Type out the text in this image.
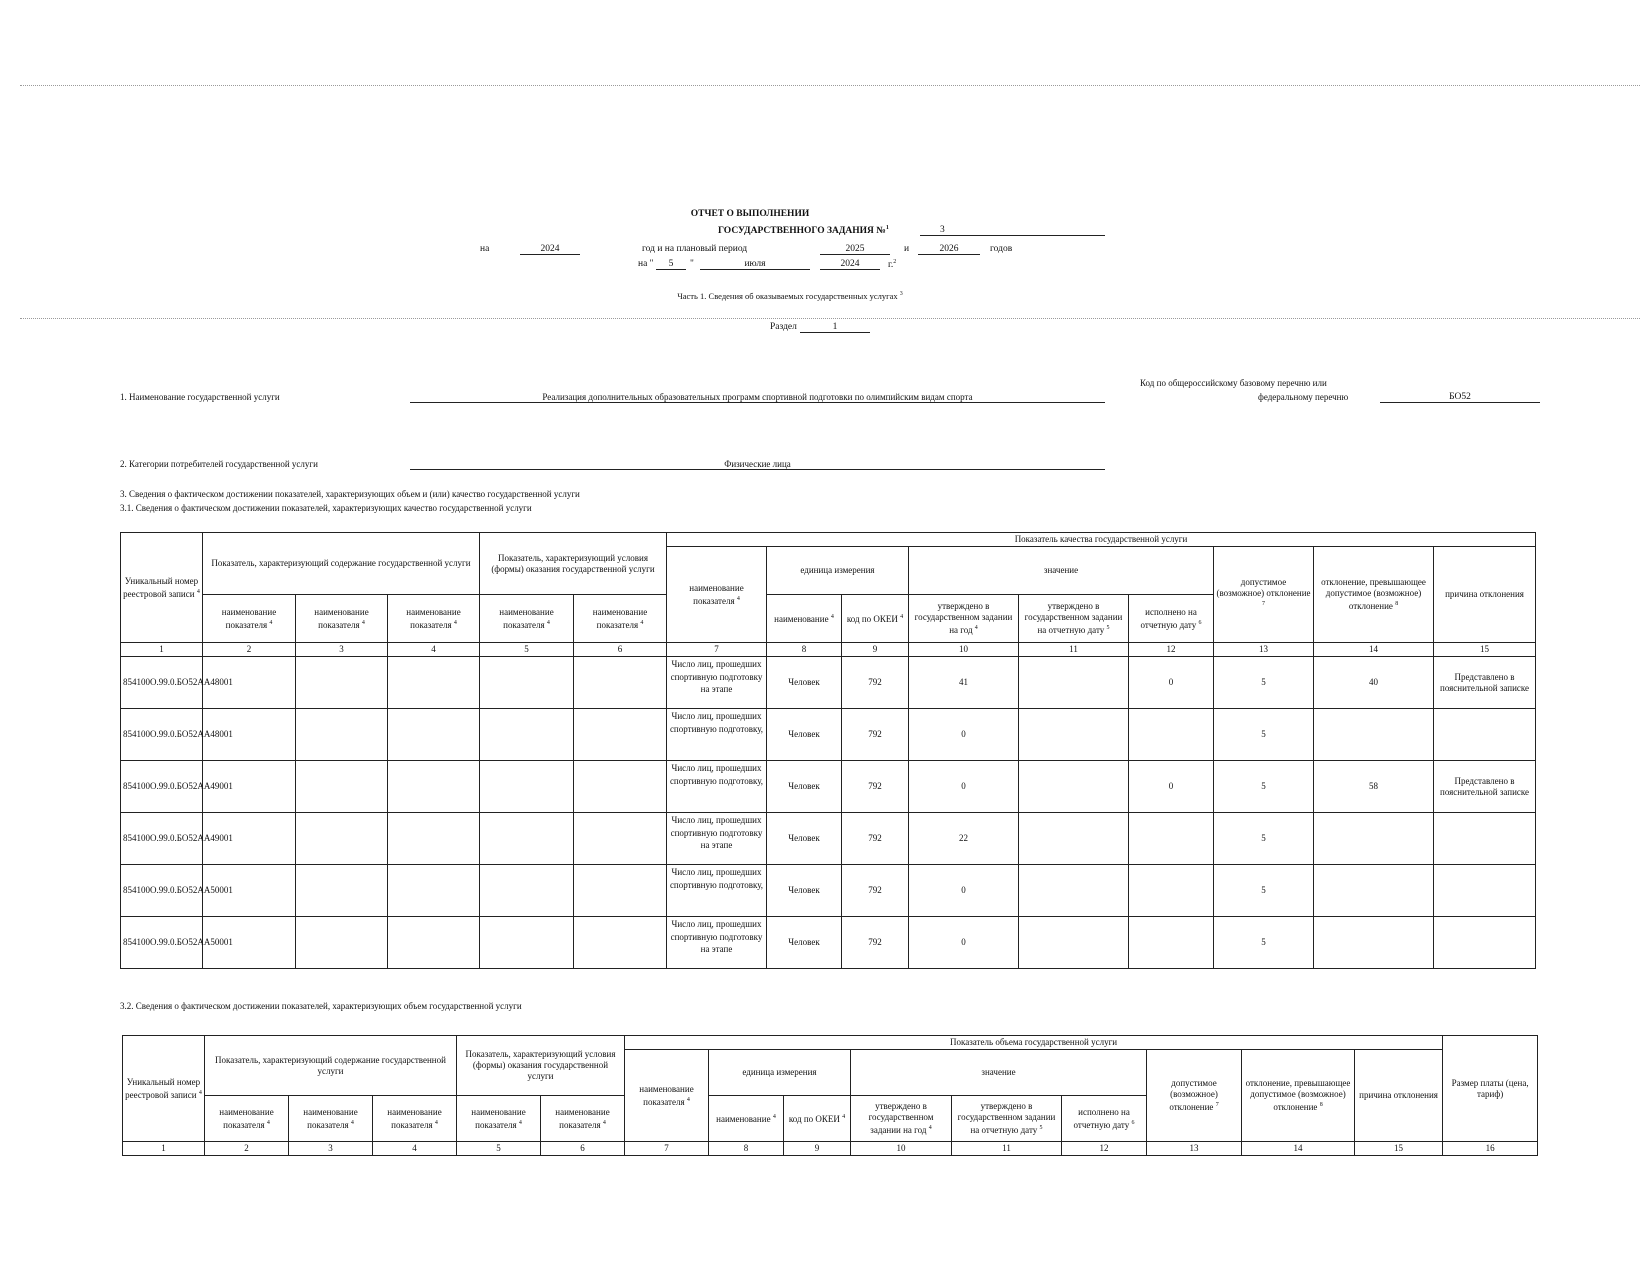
ОТЧЕТ О ВЫПОЛНЕНИИ
ГОСУДАРСТВЕННОГО ЗАДАНИЯ №$^1$	3
на	2024	год и на плановый период	2025	и	2026	годов
на "	5	"	июля	2024	г.$^2$
Часть 1. Сведения об оказываемых государственных услугах $^3$
Раздел	1
1. Наименование государственной услуги	Реализация дополнительных образовательных программ спортивной подготовки по олимпийским видам спорта
Код по общероссийскому базовому перечню или
федеральному перечню	БО52
2. Категории потребителей государственной услуги	Физические лица
3. Сведения о фактическом достижении показателей, характеризующих объем и (или) качество государственной услуги
3.1. Сведения о фактическом достижении показателей, характеризующих качество государственной услуги
Уникальный номер реестровой записи $^4$	Показатель, характеризующий содержание государственной услуги			Показатель, характеризующий условия (формы) оказания государственной услуги		Показатель качества государственной услуги								
						наименование показателя $^4$	единица измерения		значение			допустимое (возможное) отклонение $^7$	отклонение, превышающее допустимое (возможное) отклонение $^8$	причина отклонения
	наименование показателя $^4$	наименование показателя $^4$	наименование показателя $^4$	наименование показателя $^4$	наименование показателя $^4$		наименование $^4$	код по ОКЕИ $^4$	утверждено в государственном задании на год $^4$	утверждено в государственном задании на отчетную дату $^5$	исполнено на отчетную дату $^6$
1	2	3	4	5	6	7	8	9	10	11	12	13	14	15
854100О.99.0.БО52АА48001						Число лиц, прошедших спортивную подготовку на этапе	Человек	792	41		0	5	40	Представлено в пояснительной записке
854100О.99.0.БО52АА48001						Число лиц, прошедших спортивную подготовку,	Человек	792	0			5		
854100О.99.0.БО52АА49001						Число лиц, прошедших спортивную подготовку,	Человек	792	0		0	5	58	Представлено в пояснительной записке
854100О.99.0.БО52АА49001						Число лиц, прошедших спортивную подготовку на этапе	Человек	792	22			5		
854100О.99.0.БО52АА50001						Число лиц, прошедших спортивную подготовку,	Человек	792	0			5		
854100О.99.0.БО52АА50001						Число лиц, прошедших спортивную подготовку на этапе	Человек	792	0			5		
3.2. Сведения о фактическом достижении показателей, характеризующих объем государственной услуги
Уникальный номер реестровой записи $^4$	Показатель, характеризующий содержание государственной услуги			Показатель, характеризующий условия (формы) оказания государственной услуги		Показатель объема государственной услуги									Размер платы (цена, тариф)
						наименование показателя $^4$	единица измерения		значение			допустимое (возможное) отклонение $^7$	отклонение, превышающее допустимое (возможное) отклонение $^8$	причина отклонения	
	наименование показателя $^4$	наименование показателя $^4$	наименование показателя $^4$	наименование показателя $^4$	наименование показателя $^4$		наименование $^4$	код по ОКЕИ $^4$	утверждено в государственном задании на год $^4$	утверждено в государственном задании на отчетную дату $^5$	исполнено на отчетную дату $^6$
1	2	3	4	5	6	7	8	9	10	11	12	13	14	15	16
